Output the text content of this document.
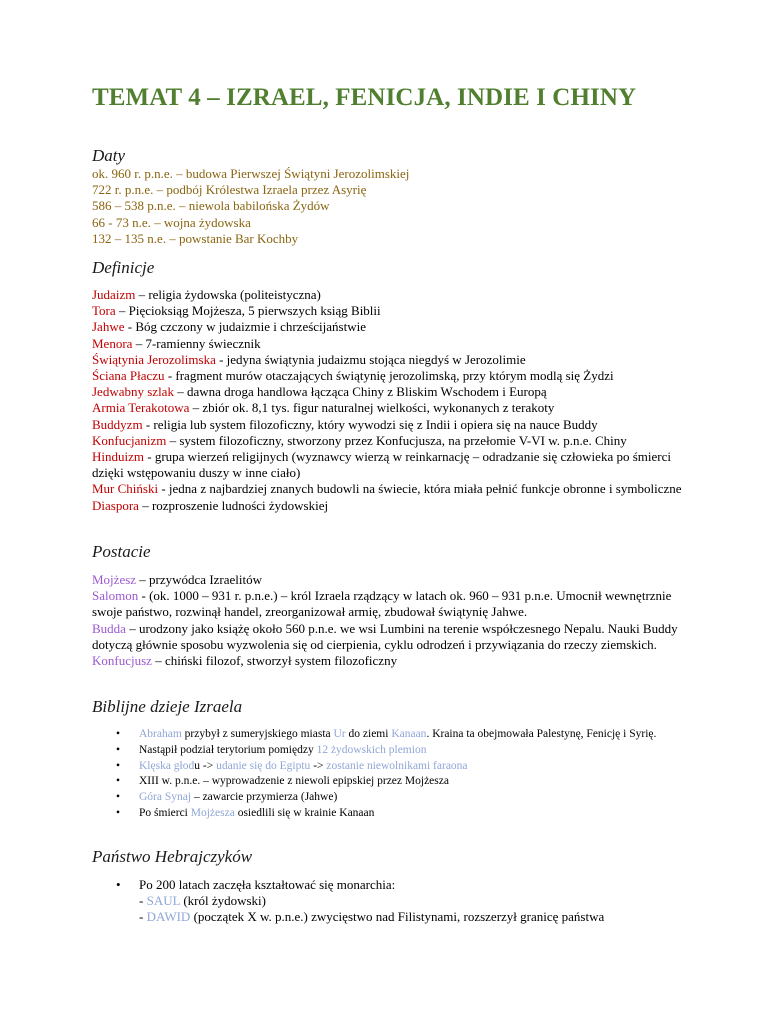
TEMAT 4 – IZRAEL, FENICJA, INDIE I CHINY
Daty
ok. 960 r. p.n.e. – budowa Pierwszej Świątyni Jerozolimskiej
722 r. p.n.e. – podbój Królestwa Izraela przez Asyrię
586 – 538 p.n.e. – niewola babilońska Żydów
66 - 73 n.e. – wojna żydowska
132 – 135 n.e. – powstanie Bar Kochby
Definicje
Judaizm – religia żydowska (politeistyczna)
Tora – Pięcioksiąg Mojżesza, 5 pierwszych ksiąg Biblii
Jahwe - Bóg czczony w judaizmie i chrześcijaństwie
Menora – 7-ramienny świecznik
Świątynia Jerozolimska - jedyna świątynia judaizmu stojąca niegdyś w Jerozolimie
Ściana Płaczu - fragment murów otaczających świątynię jerozolimską, przy którym modlą się Żydzi
Jedwabny szlak – dawna droga handlowa łącząca Chiny z Bliskim Wschodem i Europą
Armia Terakotowa – zbiór ok. 8,1 tys. figur naturalnej wielkości, wykonanych z terakoty
Buddyzm - religia lub system filozoficzny, który wywodzi się z Indii i opiera się na nauce Buddy
Konfucjanizm – system filozoficzny, stworzony przez Konfucjusza, na przełomie V-VI w. p.n.e. Chiny
Hinduizm - grupa wierzeń religijnych (wyznawcy wierzą w reinkarnację – odradzanie się człowieka po śmierci dzięki wstępowaniu duszy w inne ciało)
Mur Chiński - jedna z najbardziej znanych budowli na świecie, która miała pełnić funkcje obronne i symboliczne
Diaspora – rozproszenie ludności żydowskiej
Postacie
Mojżesz – przywódca Izraelitów
Salomon - (ok. 1000 – 931 r. p.n.e.) – król Izraela rządzący w latach ok. 960 – 931 p.n.e. Umocnił wewnętrznie swoje państwo, rozwinął handel, zreorganizował armię, zbudował świątynię Jahwe.
Budda – urodzony jako książę około 560 p.n.e. we wsi Lumbini na terenie współczesnego Nepalu. Nauki Buddy dotyczą głównie sposobu wyzwolenia się od cierpienia, cyklu odrodzeń i przywiązania do rzeczy ziemskich.
Konfucjusz – chiński filozof, stworzył system filozoficzny
Biblijne dzieje Izraela
• Abraham przybył z sumeryjskiego miasta Ur do ziemi Kanaan. Kraina ta obejmowała Palestynę, Fenicję i Syrię.
• Nastąpił podział terytorium pomiędzy 12 żydowskich plemion
• Klęska głodu -> udanie się do Egiptu -> zostanie niewolnikami faraona
• XIII w. p.n.e. – wyprowadzenie z niewoli epipskiej przez Mojżesza
• Góra Synaj – zawarcie przymierza (Jahwe)
• Po śmierci Mojżesza osiedlili się w krainie Kanaan
Państwo Hebrajczyków
• Po 200 latach zaczęła kształtować się monarchia:
- SAUL (król żydowski)
- DAWID (początek X w. p.n.e.) zwycięstwo nad Filistynami, rozszerzył granicę państwa
